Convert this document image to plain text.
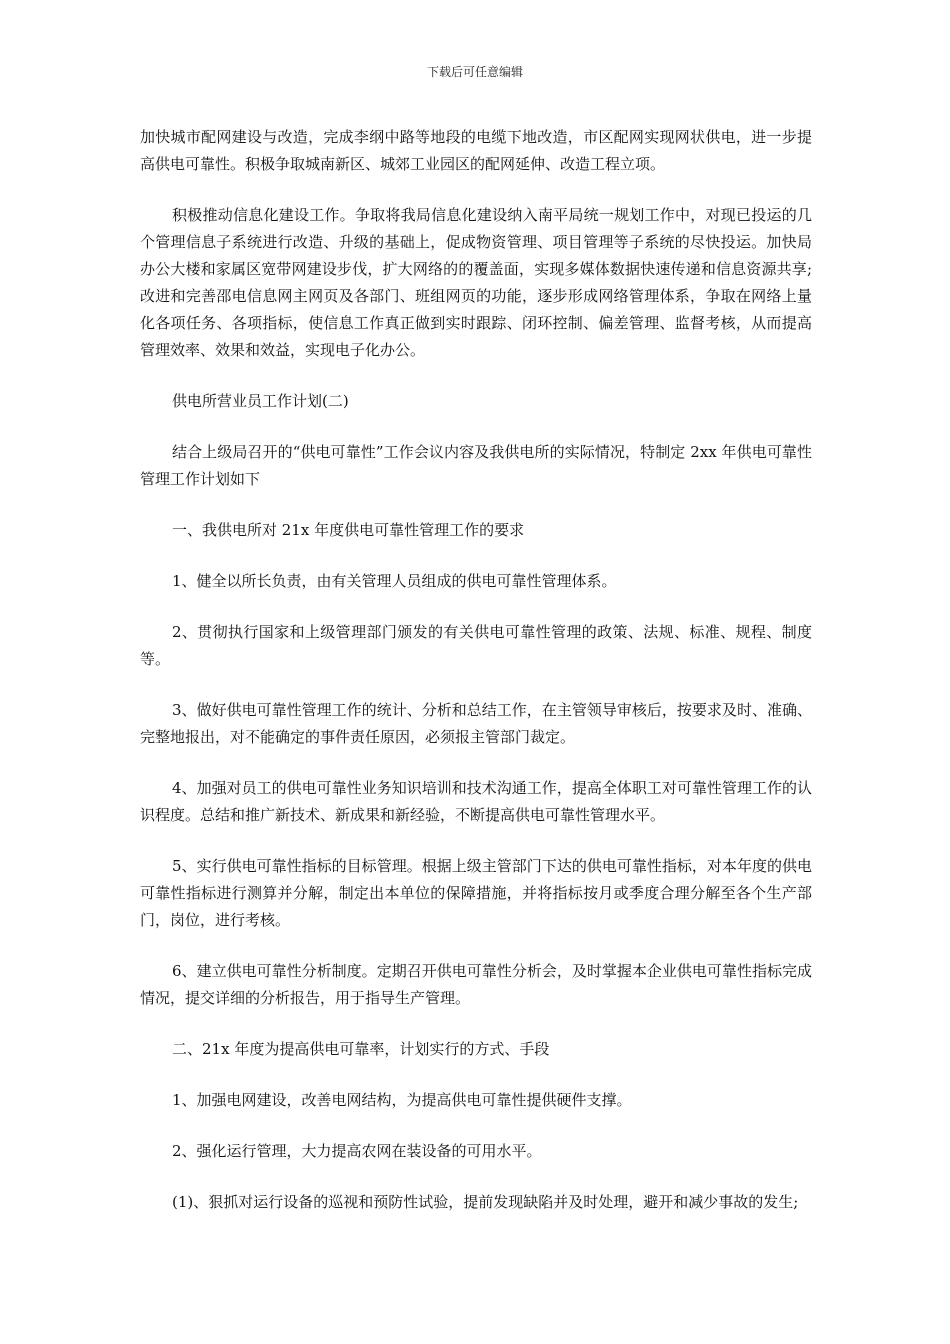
下载后可任意编辑

加快城市配网建设与改造，完成李纲中路等地段的电缆下地改造，市区配网实现网状供电，进一步提高供电可靠性。积极争取城南新区、城郊工业园区的配网延伸、改造工程立项。

积极推动信息化建设工作。争取将我局信息化建设纳入南平局统一规划工作中，对现已投运的几个管理信息子系统进行改造、升级的基础上，促成物资管理、项目管理等子系统的尽快投运。加快局办公大楼和家属区宽带网建设步伐，扩大网络的的覆盖面，实现多媒体数据快速传递和信息资源共享;改进和完善邵电信息网主网页及各部门、班组网页的功能，逐步形成网络管理体系，争取在网络上量化各项任务、各项指标，使信息工作真正做到实时跟踪、闭环控制、偏差管理、监督考核，从而提高管理效率、效果和效益，实现电子化办公。

供电所营业员工作计划(二)

结合上级局召开的“供电可靠性”工作会议内容及我供电所的实际情况，特制定 2xx 年供电可靠性管理工作计划如下

一、我供电所对 21x 年度供电可靠性管理工作的要求

1、健全以所长负责，由有关管理人员组成的供电可靠性管理体系。

2、贯彻执行国家和上级管理部门颁发的有关供电可靠性管理的政策、法规、标准、规程、制度等。

3、做好供电可靠性管理工作的统计、分析和总结工作，在主管领导审核后，按要求及时、准确、完整地报出，对不能确定的事件责任原因，必须报主管部门裁定。

4、加强对员工的供电可靠性业务知识培训和技术沟通工作，提高全体职工对可靠性管理工作的认识程度。总结和推广新技术、新成果和新经验，不断提高供电可靠性管理水平。

5、实行供电可靠性指标的目标管理。根据上级主管部门下达的供电可靠性指标，对本年度的供电可靠性指标进行测算并分解，制定出本单位的保障措施，并将指标按月或季度合理分解至各个生产部门，岗位，进行考核。

6、建立供电可靠性分析制度。定期召开供电可靠性分析会，及时掌握本企业供电可靠性指标完成情况，提交详细的分析报告，用于指导生产管理。

二、21x 年度为提高供电可靠率，计划实行的方式、手段

1、加强电网建设，改善电网结构，为提高供电可靠性提供硬件支撑。

2、强化运行管理，大力提高农网在装设备的可用水平。

(1)、狠抓对运行设备的巡视和预防性试验，提前发现缺陷并及时处理，避开和减少事故的发生;
